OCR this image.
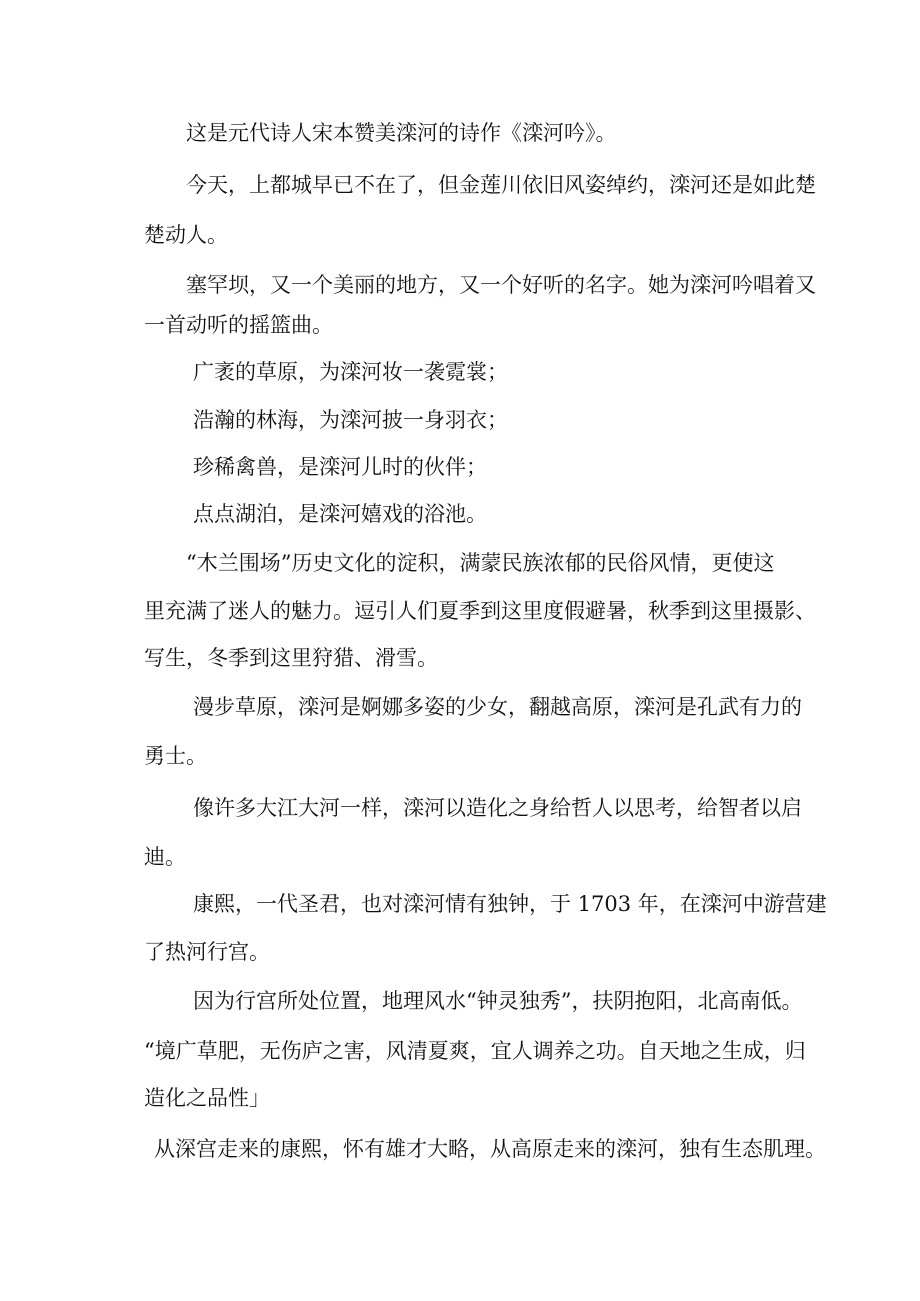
这是元代诗人宋本赞美滦河的诗作《滦河吟》。

今天，上都城早已不在了，但金莲川依旧风姿绰约，滦河还是如此楚

楚动人。

塞罕坝，又一个美丽的地方，又一个好听的名字。她为滦河吟唱着又

一首动听的摇篮曲。

广袤的草原，为滦河妆一袭霓裳；

浩瀚的林海，为滦河披一身羽衣；

珍稀禽兽，是滦河儿时的伙伴；

点点湖泊，是滦河嬉戏的浴池。

“木兰围场”历史文化的淀积，满蒙民族浓郁的民俗风情，更使这

里充满了迷人的魅力。逗引人们夏季到这里度假避暑，秋季到这里摄影、

写生，冬季到这里狩猎、滑雪。

漫步草原，滦河是婀娜多姿的少女，翻越高原，滦河是孔武有力的

勇士。

像许多大江大河一样，滦河以造化之身给哲人以思考，给智者以启

迪。

康熙，一代圣君，也对滦河情有独钟，于 1703 年，在滦河中游营建

了热河行宫。

因为行宫所处位置，地理风水“钟灵独秀”，扶阴抱阳，北高南低。

“境广草肥，无伤庐之害，风清夏爽，宜人调养之功。自天地之生成，归

造化之品性」

从深宫走来的康熙，怀有雄才大略，从高原走来的滦河，独有生态肌理。
